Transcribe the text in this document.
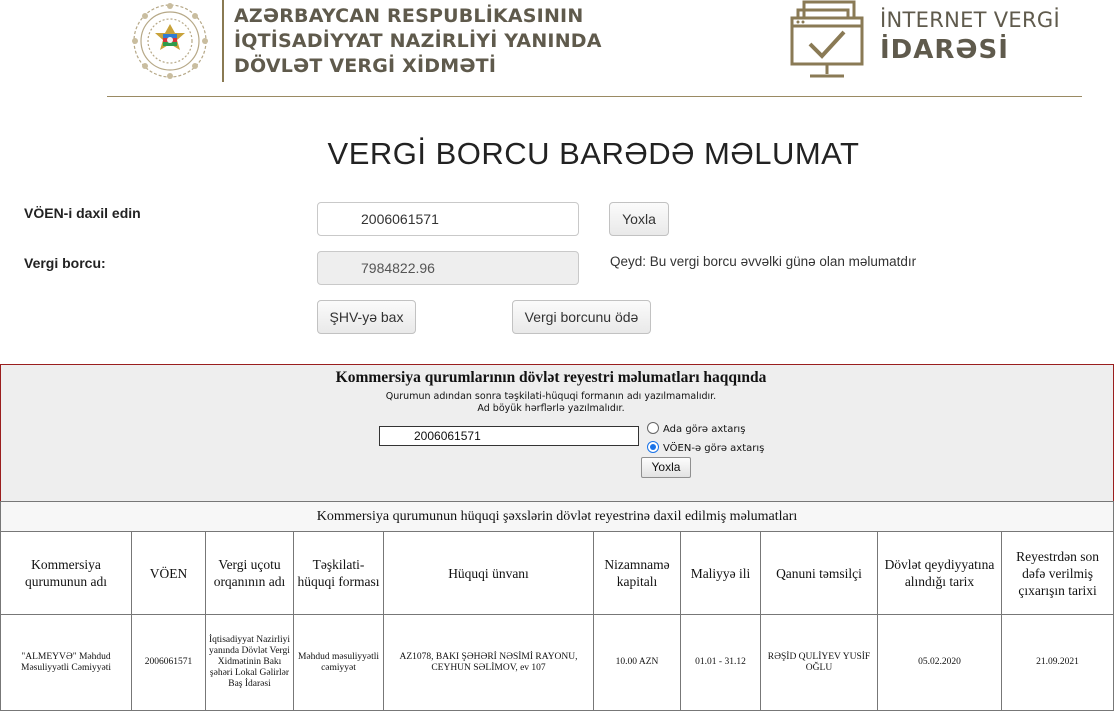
AZƏRBAYCAN RESPUBLİKASININ
İQTİSADİYYAT NAZİRLİYİ YANINDA
DÖVLƏT VERGİ XİDMƏTİ
İNTERNET VERGİ
İDARƏSİ
VERGİ BORCU BARƏDƏ MƏLUMAT
VÖEN-i daxil edin	2006061571	Yoxla
Vergi borcu:	7984822.96	Qeyd: Bu vergi borcu əvvəlki günə olan məlumatdır
ŞHV-yə bax	Vergi borcunu ödə
Kommersiya qurumlarının dövlət reyestri məlumatları haqqında
Qurumun adından sonra təşkilati-hüquqi formanın adı yazılmamalıdır.
Ad böyük hərflərlə yazılmalıdır.
2006061571	Ada görə axtarış
VÖEN-ə görə axtarış
Yoxla
Kommersiya qurumunun hüquqi şəxslərin dövlət reyestrinə daxil edilmiş məlumatları									
Kommersiya qurumunun adı	VÖEN	Vergi uçotu orqanının adı	Təşkilati-hüquqi forması	Hüquqi ünvanı	Nizamnamə kapitalı	Maliyyə ili	Qanuni təmsilçi	Dövlət qeydiyyatına alındığı tarix	Reyestrdən son dəfə verilmiş çıxarışın tarixi
"ALMEYVƏ" Məhdud Məsuliyyətli Cəmiyyəti	2006061571	İqtisadiyyat Nazirliyi yanında Dövlət Vergi Xidmətinin Bakı şəhəri Lokal Gəlirlər Baş İdarəsi	Məhdud məsuliyyətli cəmiyyət	AZ1078, BAKI ŞƏHƏRİ NƏSİMİ RAYONU, CEYHUN SƏLİMOV, ev 107	10.00 AZN	01.01 - 31.12	RƏŞİD QULİYEV YUSİF OĞLU	05.02.2020	21.09.2021
